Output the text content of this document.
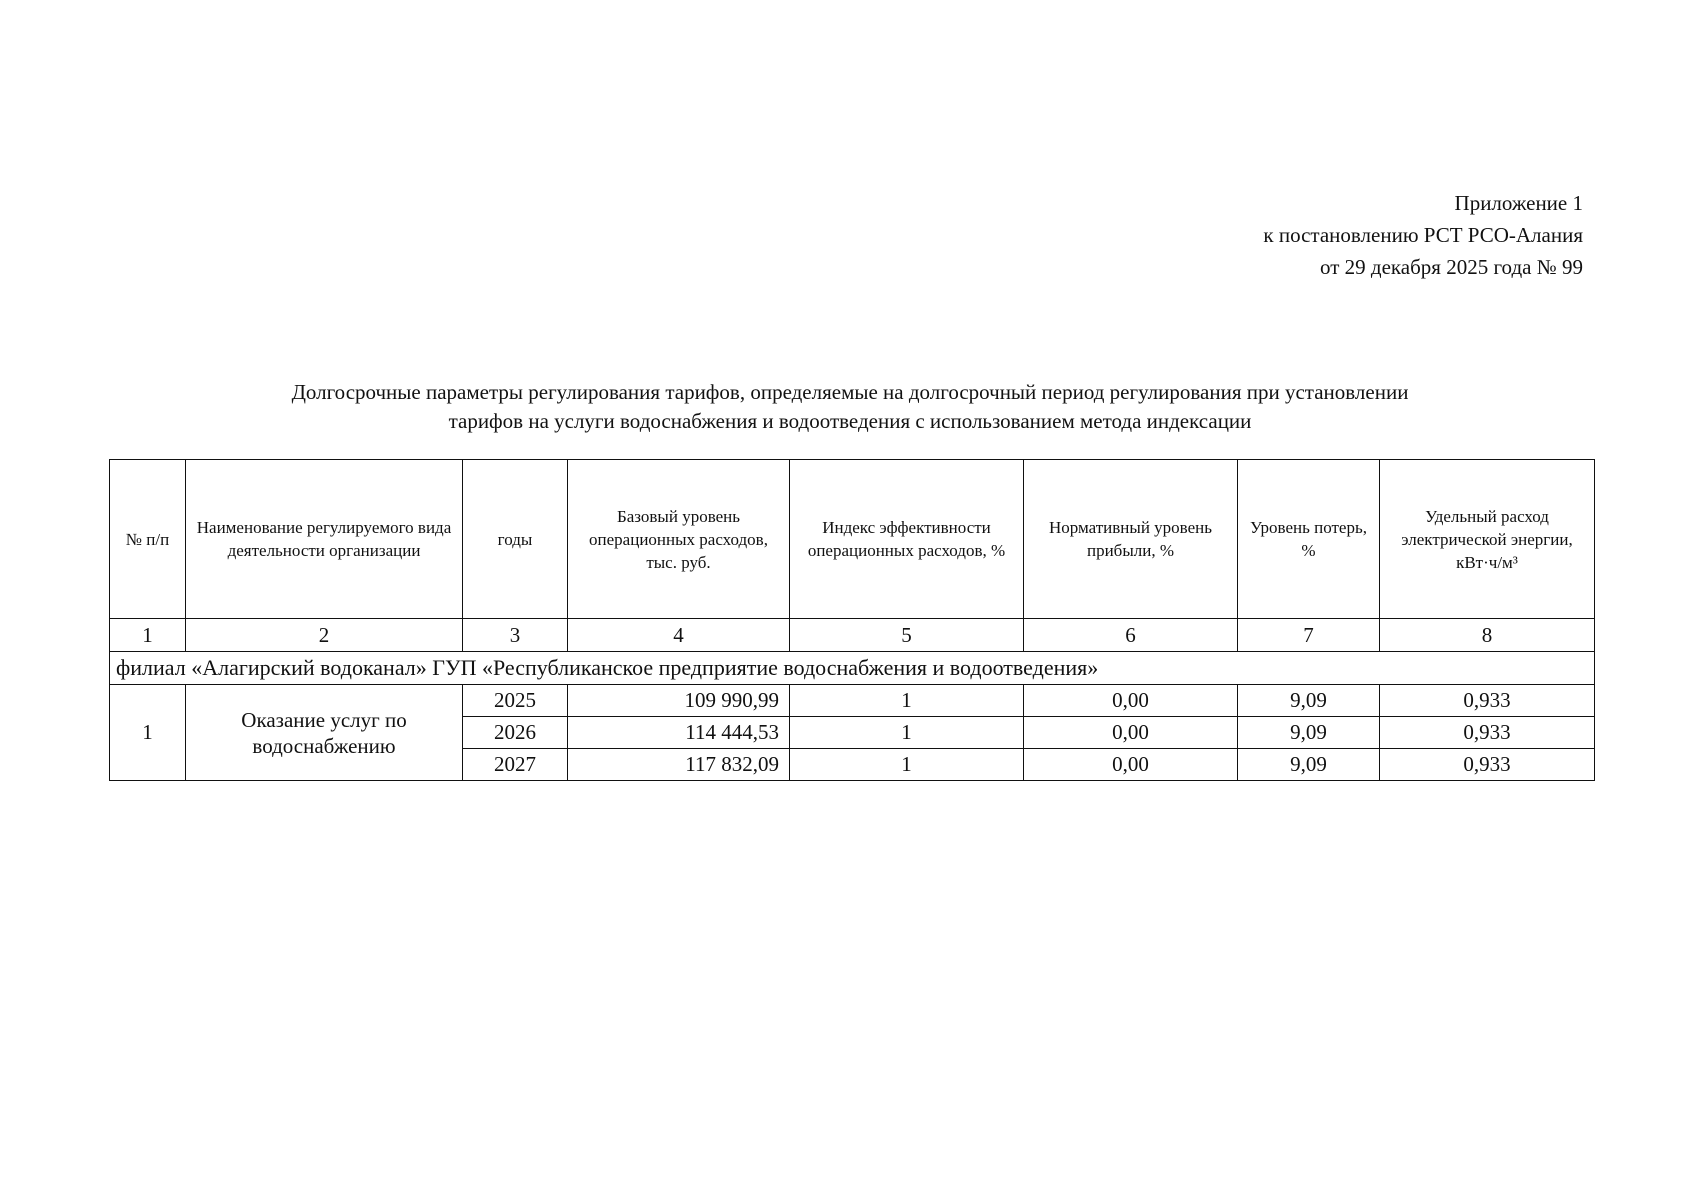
Приложение 1
к постановлению РСТ РСО-Алания
от 29 декабря 2025 года № 99
Долгосрочные параметры регулирования тарифов, определяемые на долгосрочный период регулирования при установлении
тарифов на услуги водоснабжения и водоотведения с использованием метода индексации
№ п/п	Наименование регулируемого вида деятельности организации	годы	Базовый уровень операционных расходов, тыс. руб.	Индекс эффективности операционных расходов, %	Нормативный уровень прибыли, %	Уровень потерь, %	Удельный расход электрической энергии, кВт·ч/м³
1	2	3	4	5	6	7	8
филиал «Алагирский водоканал» ГУП «Республиканское предприятие водоснабжения и водоотведения»							
1	Оказание услуг по водоснабжению	2025	109 990,99	1	0,00	9,09	0,933
		2026	114 444,53	1	0,00	9,09	0,933
		2027	117 832,09	1	0,00	9,09	0,933
